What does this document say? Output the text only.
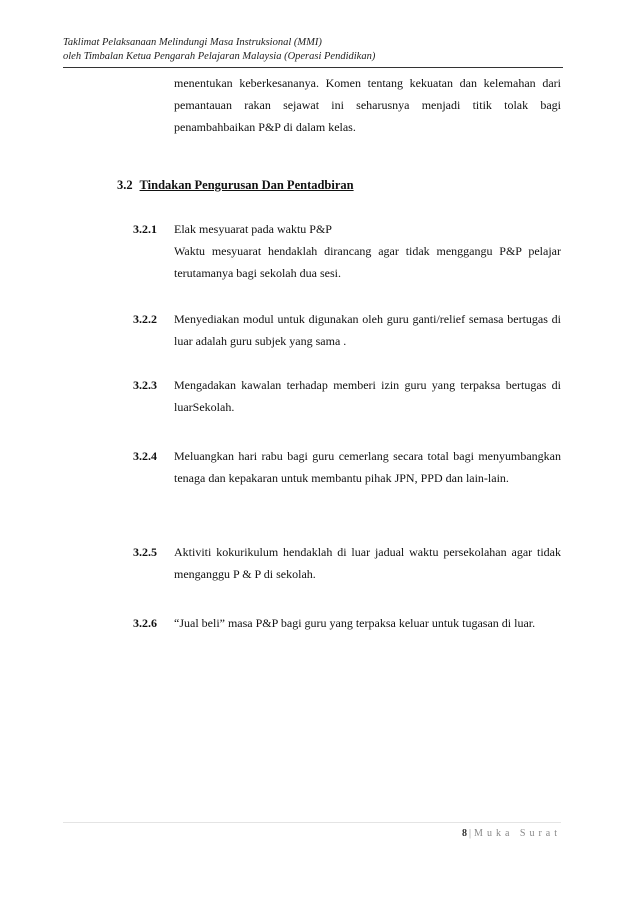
Taklimat Pelaksanaan Melindungi Masa Instruksional (MMI)
oleh Timbalan Ketua Pengarah Pelajaran Malaysia (Operasi Pendidikan)
menentukan keberkesananya. Komen tentang kekuatan dan kelemahan dari pemantauan rakan sejawat ini seharusnya menjadi titik tolak bagi penambahbaikan P&P di dalam kelas.
3.2 Tindakan Pengurusan Dan Pentadbiran
3.2.1 Elak mesyuarat pada waktu P&P
Waktu mesyuarat hendaklah dirancang agar tidak menggangu P&P pelajar terutamanya bagi sekolah dua sesi.
3.2.2 Menyediakan modul untuk digunakan oleh guru ganti/relief semasa bertugas di luar adalah guru subjek yang sama .
3.2.3 Mengadakan kawalan terhadap memberi izin guru yang terpaksa bertugas di luarSekolah.
3.2.4 Meluangkan hari rabu bagi guru cemerlang secara total bagi menyumbangkan tenaga dan kepakaran untuk membantu pihak JPN, PPD dan lain-lain.
3.2.5 Aktiviti kokurikulum hendaklah di luar jadual waktu persekolahan agar tidak menganggu P & P di sekolah.
3.2.6 “Jual beli” masa P&P bagi guru yang terpaksa keluar untuk tugasan di luar.
8 | Muka Surat
